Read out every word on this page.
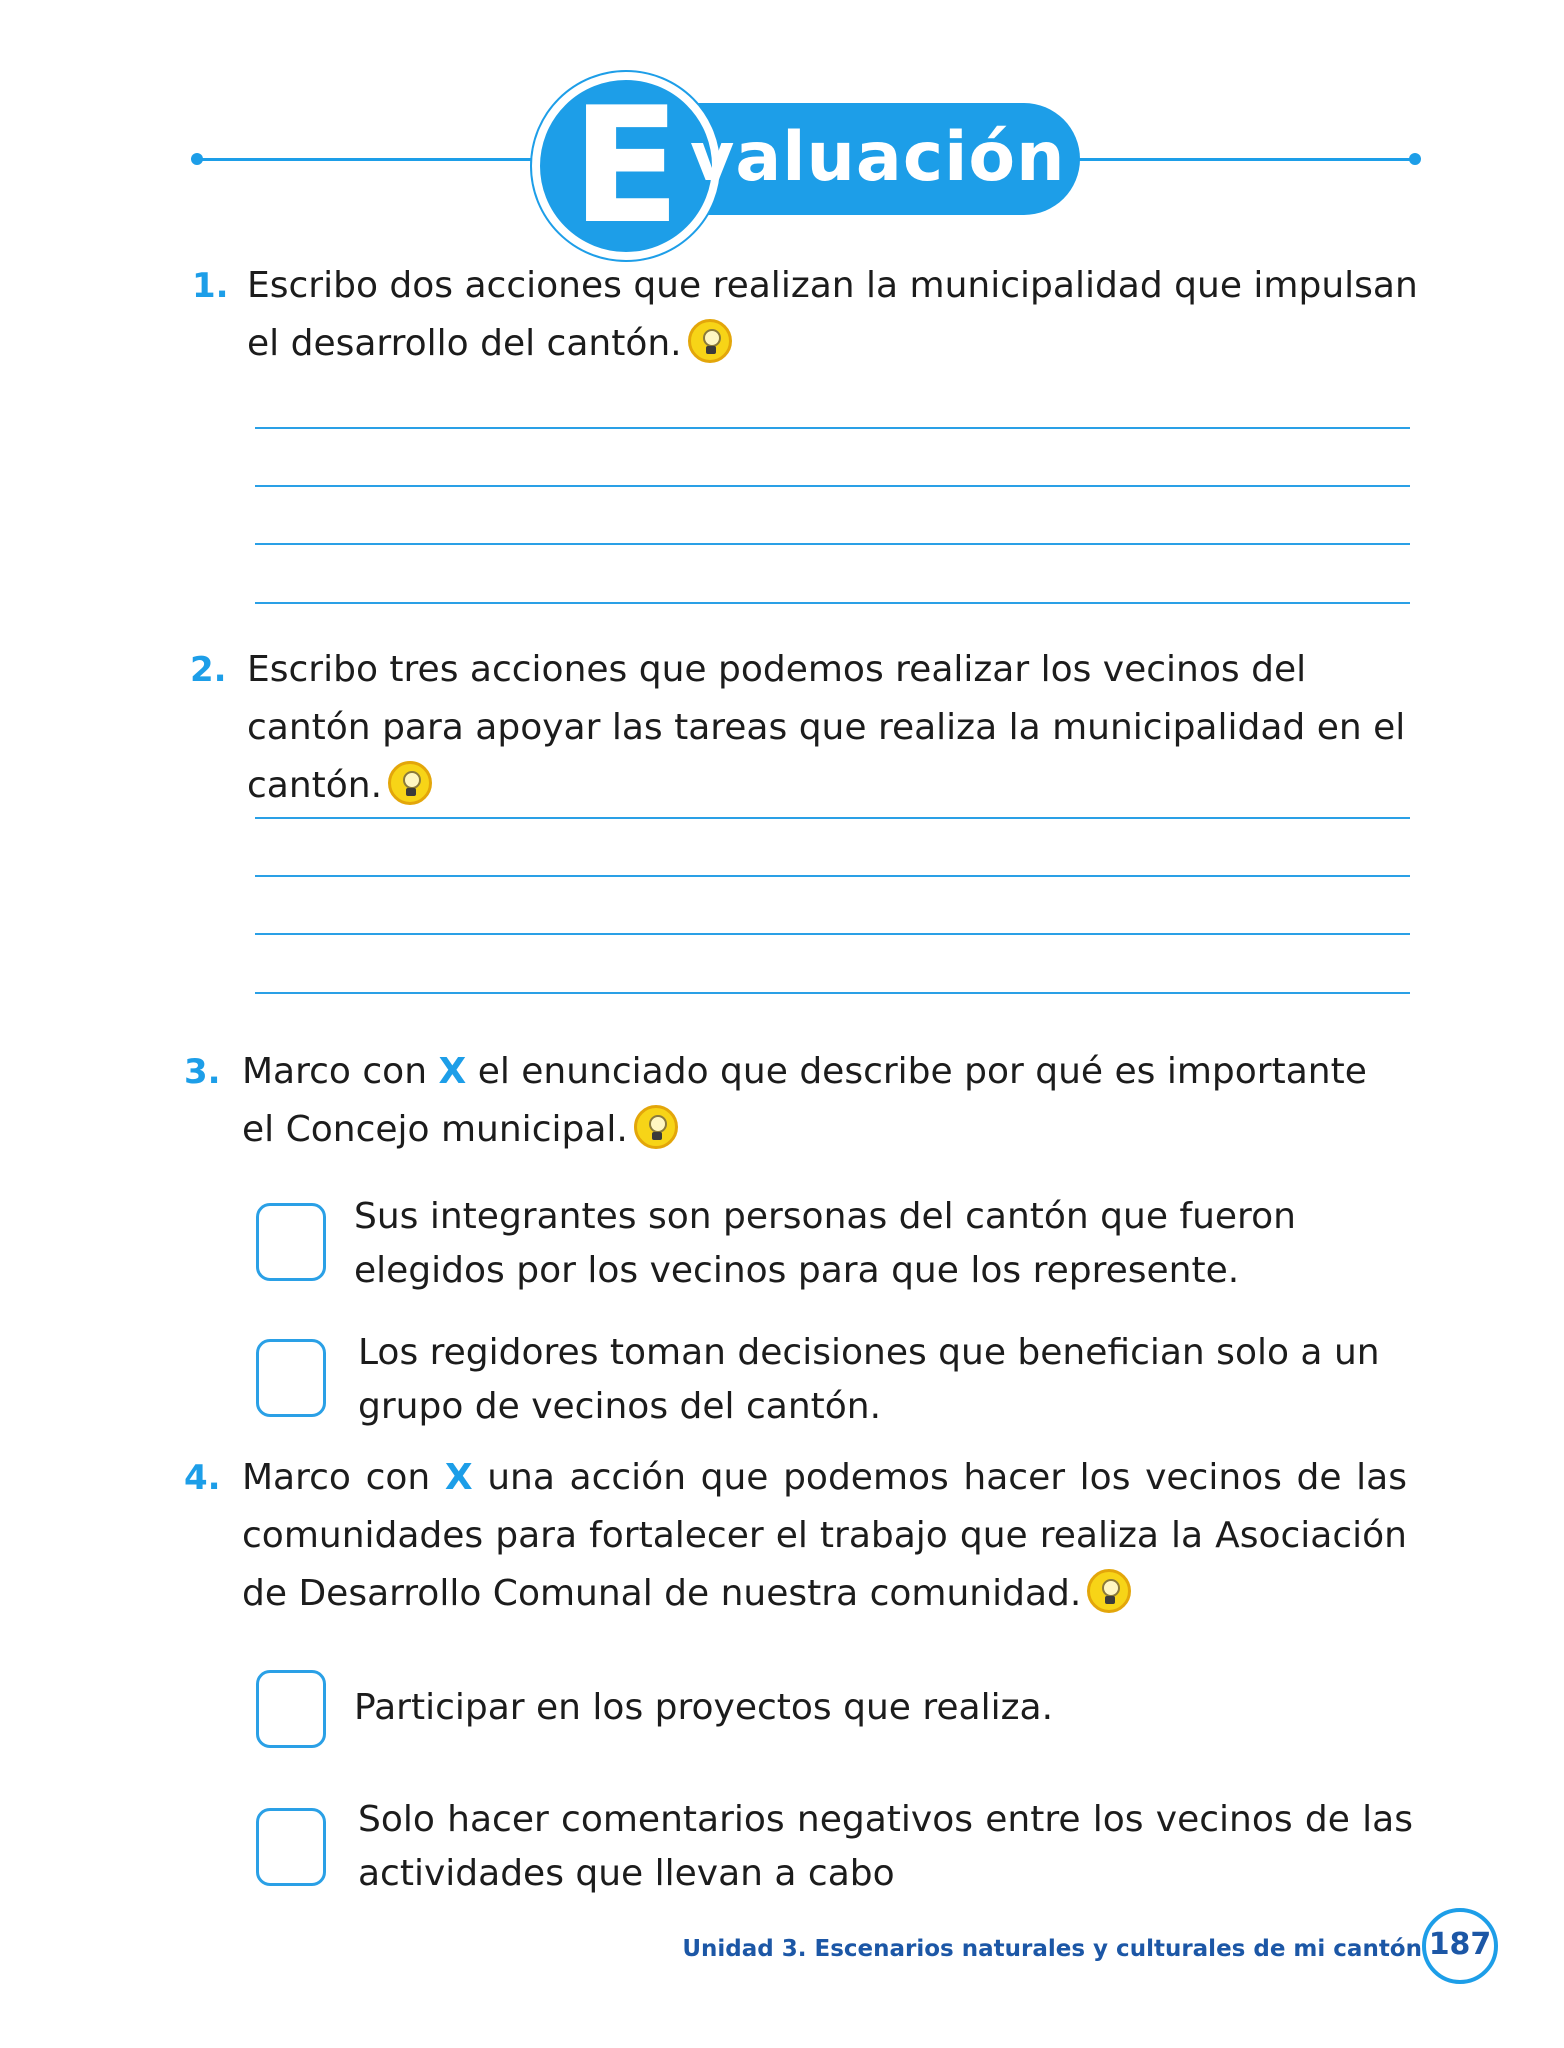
E valuación
1. Escribo dos acciones que realizan la municipalidad que impulsan el desarrollo del cantón.
2. Escribo tres acciones que podemos realizar los vecinos del cantón para apoyar las tareas que realiza la municipalidad en el cantón.
3. Marco con X el enunciado que describe por qué es importante el Concejo municipal.
Sus integrantes son personas del cantón que fueron elegidos por los vecinos para que los represente.
Los regidores toman decisiones que benefician solo a un grupo de vecinos del cantón.
4. Marco con X una acción que podemos hacer los vecinos de las comunidades para fortalecer el trabajo que realiza la Asociación de Desarrollo Comunal de nuestra comunidad.
Participar en los proyectos que realiza.
Solo hacer comentarios negativos entre los vecinos de las actividades que llevan a cabo
Unidad 3. Escenarios naturales y culturales de mi cantón 187
